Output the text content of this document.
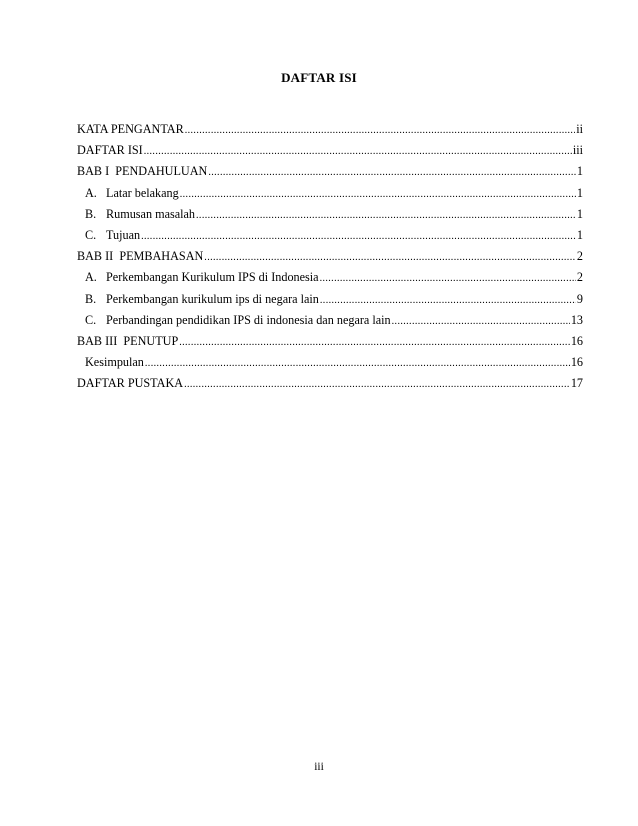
DAFTAR ISI
KATA PENGANTAR .....	ii
DAFTAR ISI .....	iii
BAB I  PENDAHULUAN .....	1
A. Latar belakang .....	1
B. Rumusan masalah .....	1
C. Tujuan .....	1
BAB II  PEMBAHASAN .....	2
A. Perkembangan Kurikulum IPS di Indonesia .....	2
B. Perkembangan kurikulum ips di negara lain .....	9
C. Perbandingan pendidikan IPS di indonesia dan negara lain .....	13
BAB III  PENUTUP .....	16
Kesimpulan .....	16
DAFTAR PUSTAKA .....	17
iii
